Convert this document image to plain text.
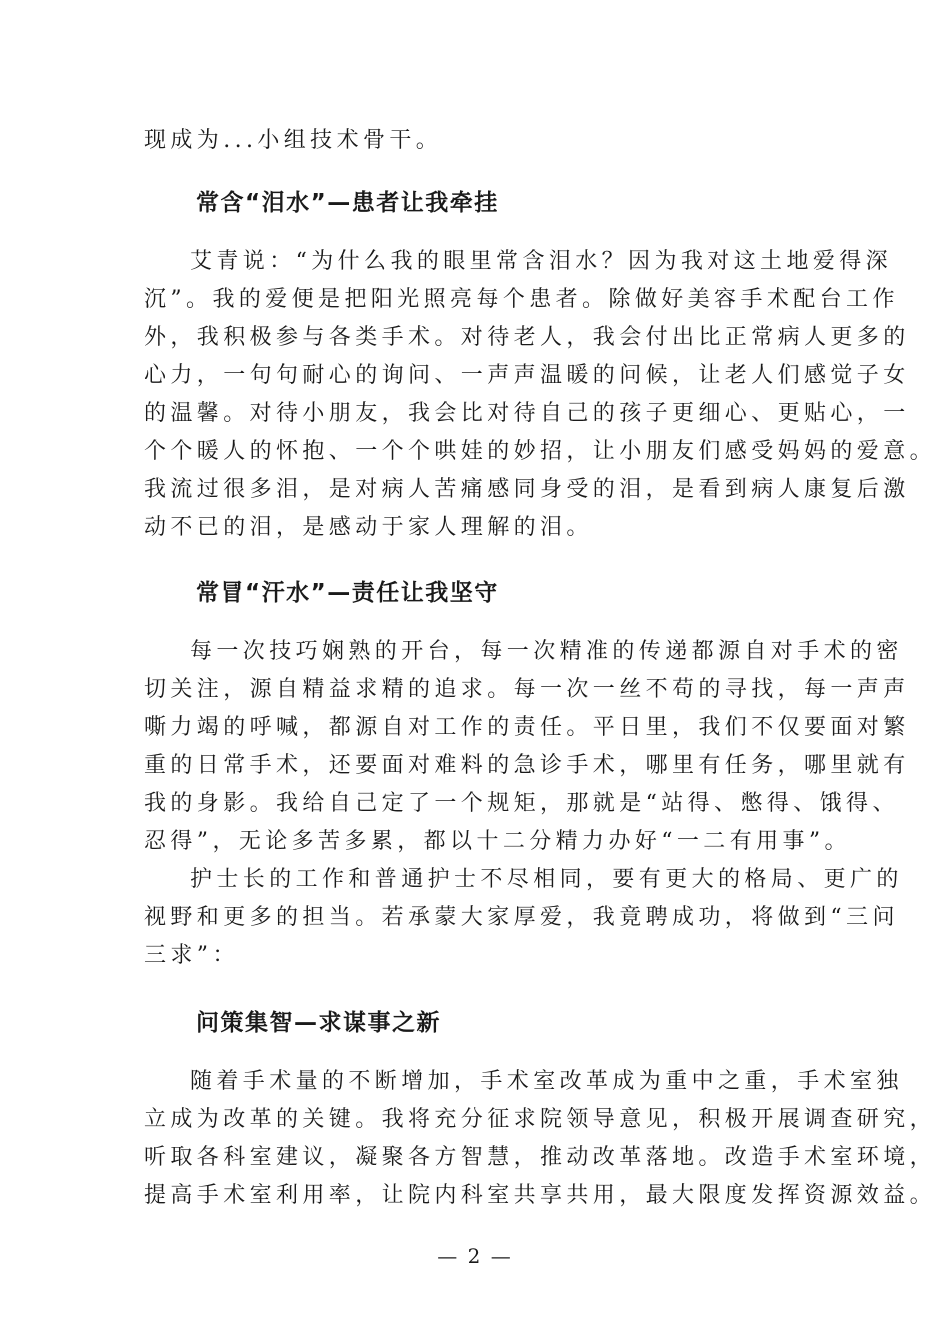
现成为...小组技术骨干。
常含“泪水”—患者让我牵挂
艾青说：“为什么我的眼里常含泪水？因为我对这土地爱得深
沉”。我的爱便是把阳光照亮每个患者。除做好美容手术配台工作
外，我积极参与各类手术。对待老人，我会付出比正常病人更多的
心力，一句句耐心的询问、一声声温暖的问候，让老人们感觉子女
的温馨。对待小朋友，我会比对待自己的孩子更细心、更贴心，一
个个暖人的怀抱、一个个哄娃的妙招，让小朋友们感受妈妈的爱意。
我流过很多泪，是对病人苦痛感同身受的泪，是看到病人康复后激
动不已的泪，是感动于家人理解的泪。
常冒“汗水”—责任让我坚守
每一次技巧娴熟的开台，每一次精准的传递都源自对手术的密
切关注，源自精益求精的追求。每一次一丝不苟的寻找，每一声声
嘶力竭的呼喊，都源自对工作的责任。平日里，我们不仅要面对繁
重的日常手术，还要面对难料的急诊手术，哪里有任务，哪里就有
我的身影。我给自己定了一个规矩，那就是“站得、憋得、饿得、
忍得”，无论多苦多累，都以十二分精力办好“一二有用事”。
护士长的工作和普通护士不尽相同，要有更大的格局、更广的
视野和更多的担当。若承蒙大家厚爱，我竟聘成功，将做到“三问
三求”：
问策集智—求谋事之新
随着手术量的不断增加，手术室改革成为重中之重，手术室独
立成为改革的关键。我将充分征求院领导意见，积极开展调查研究，
听取各科室建议，凝聚各方智慧，推动改革落地。改造手术室环境，
提高手术室利用率，让院内科室共享共用，最大限度发挥资源效益。
— 2 —
